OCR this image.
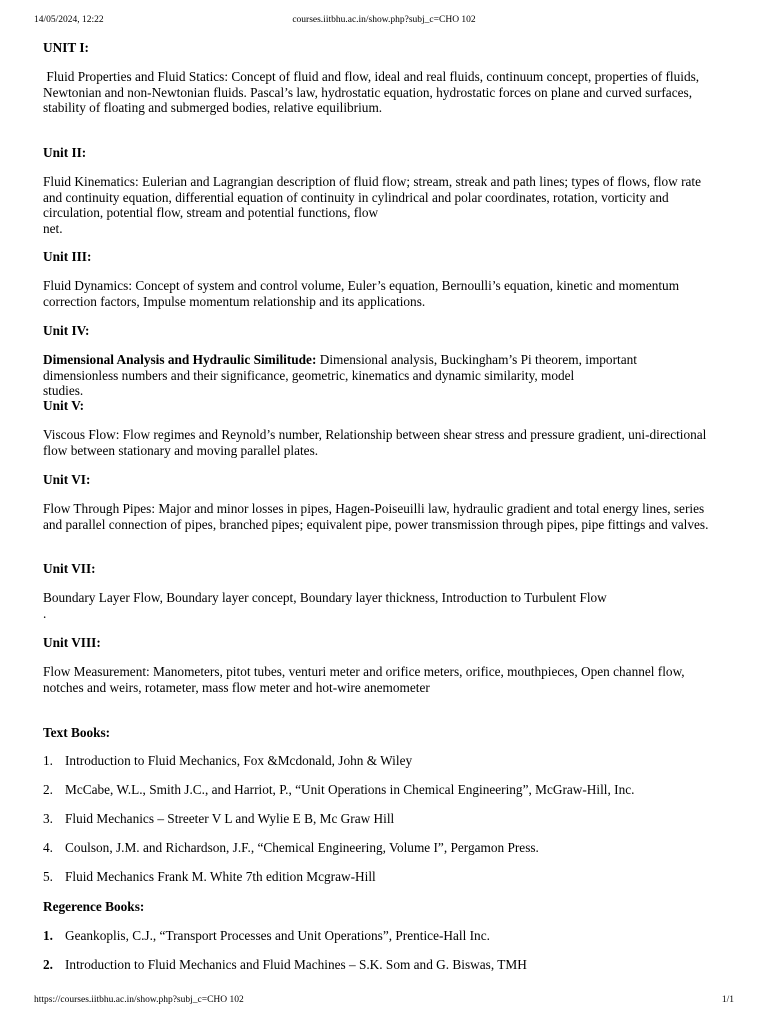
14/05/2024, 12:22	courses.iitbhu.ac.in/show.php?subj_c=CHO 102
UNIT I:
Fluid Properties and Fluid Statics: Concept of fluid and flow, ideal and real fluids, continuum concept, properties of fluids, Newtonian and non-Newtonian fluids. Pascal’s law, hydrostatic equation, hydrostatic forces on plane and curved surfaces, stability of floating and submerged bodies, relative equilibrium.
Unit II:
Fluid Kinematics: Eulerian and Lagrangian description of fluid flow; stream, streak and path lines; types of flows, flow rate and continuity equation, differential equation of continuity in cylindrical and polar coordinates, rotation, vorticity and circulation, potential flow, stream and potential functions, flow
net.
Unit III:
Fluid Dynamics: Concept of system and control volume, Euler’s equation, Bernoulli’s equation, kinetic and momentum correction factors, Impulse momentum relationship and its applications.
Unit IV:
Dimensional Analysis and Hydraulic Similitude: Dimensional analysis, Buckingham’s Pi theorem, important dimensionless numbers and their significance, geometric, kinematics and dynamic similarity, model
studies.
Unit V:
Viscous Flow: Flow regimes and Reynold’s number, Relationship between shear stress and pressure gradient, uni-directional flow between stationary and moving parallel plates.
Unit VI:
Flow Through Pipes: Major and minor losses in pipes, Hagen-Poiseuilli law, hydraulic gradient and total energy lines, series and parallel connection of pipes, branched pipes; equivalent pipe, power transmission through pipes, pipe fittings and valves.
Unit VII:
Boundary Layer Flow, Boundary layer concept, Boundary layer thickness, Introduction to Turbulent Flow
.
Unit VIII:
Flow Measurement: Manometers, pitot tubes, venturi meter and orifice meters, orifice, mouthpieces, Open channel flow, notches and weirs, rotameter, mass flow meter and hot-wire anemometer
Text Books:
1. Introduction to Fluid Mechanics, Fox &Mcdonald, John & Wiley
2. McCabe, W.L., Smith J.C., and Harriot, P., “Unit Operations in Chemical Engineering”, McGraw-Hill, Inc.
3. Fluid Mechanics – Streeter V L and Wylie E B, Mc Graw Hill
4. Coulson, J.M. and Richardson, J.F., “Chemical Engineering, Volume I”, Pergamon Press.
5. Fluid Mechanics Frank M. White 7th edition Mcgraw-Hill
Regerence Books:
1. Geankoplis, C.J., “Transport Processes and Unit Operations”, Prentice-Hall Inc.
2. Introduction to Fluid Mechanics and Fluid Machines – S.K. Som and G. Biswas, TMH
https://courses.iitbhu.ac.in/show.php?subj_c=CHO 102	1/1
